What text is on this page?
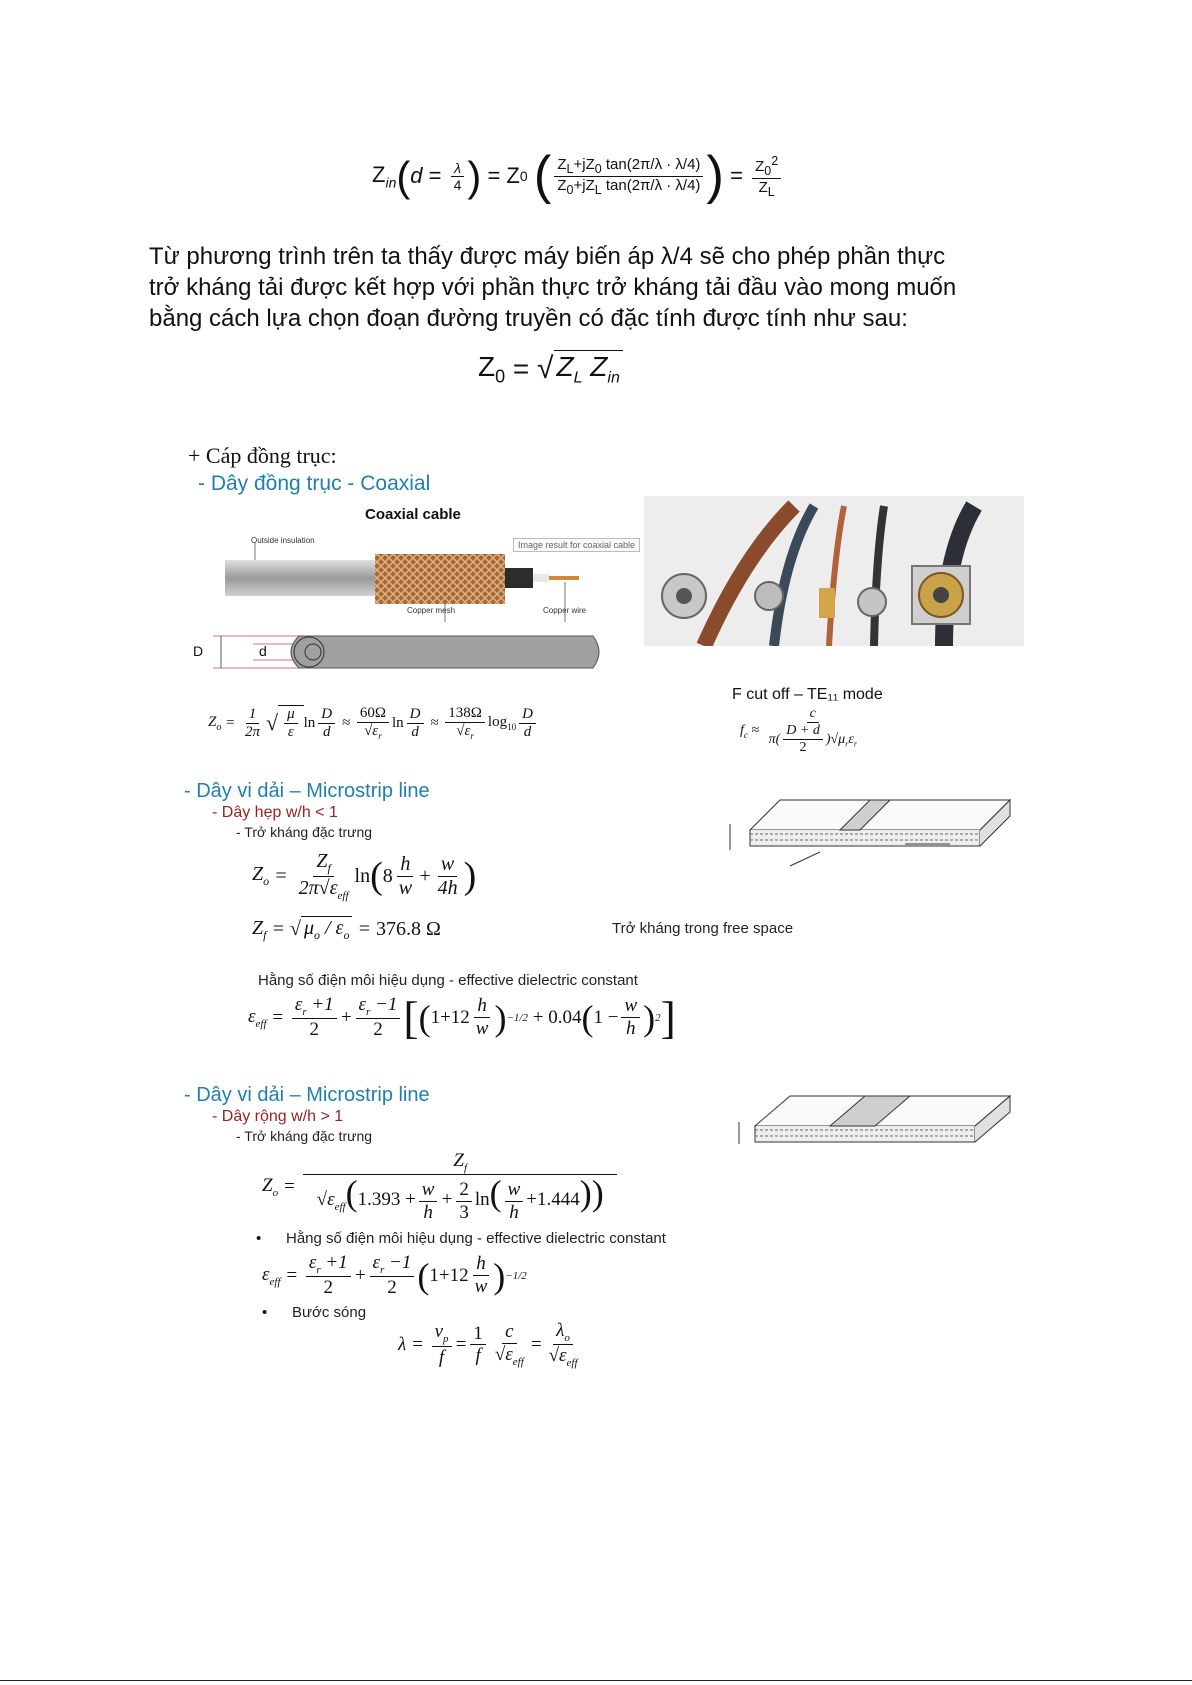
$Z_{in}$ ( $d = \frac{\lambda}{4}$ ) = Z 0
( $\frac{Z_L+jZ_0 \tan(2\pi/\lambda \cdot \lambda/4)}{Z_0+jZ_L \tan(2\pi/\lambda \cdot \lambda/4)}$ ) = $\frac{Z_0^2}{Z_L}$
Từ phương trình trên ta thấy được máy biến áp λ/4 sẽ cho phép phần thực
trở kháng tải được kết hợp với phần thực trở kháng tải đầu vào mong muốn
bằng cách lựa chọn đoạn đường truyền có đặc tính được tính như sau:
$Z_0$ = √ $Z_L$ $Z_{in}$
+ Cáp đồng trục:
- Dây đồng trục - Coaxial
Coaxial cable
Outside insulation	Image result for coaxial cable
Copper mesh	Copper wire
D	d
$Z_o = \frac{1}{2\pi}$ √ $\frac{\mu}{\varepsilon}$ $\ln \frac{D}{d} \approx \frac{60\Omega}{√\varepsilon_r}$ $\ln \frac{D}{d} \approx \frac{138\Omega}{√\varepsilon_r} \log_{10} \frac{D}{d}$
F cut off – TE₁₁ mode
$f_c \approx \frac{c}{\pi( \frac{D + d}{2} )√\mu_r\varepsilon_r}$
- Dây vi dải – Microstrip line
- Dây hẹp w/h < 1
- Trở kháng đặc trưng
$Z_o = \frac{Z_f}{2\pi√\varepsilon_{eff}}$ ln ( $8 \frac{h}{w} + \frac{w}{4h}$ )
$Z_f$ = √ $\mu_o / \varepsilon_o = 376.8$ Ω	Trở kháng trong free space
Hằng số điện môi hiệu dụng - effective dielectric constant
$\varepsilon_{eff} = \frac{\varepsilon_r +1}{2} + \frac{\varepsilon_r -1}{2}$ [ ( $1+12 \frac{h}{w}$ ) −1/2
+ 0.04 ( $1 - \frac{w}{h}$ ) 2 ]
- Dây vi dải – Microstrip line
- Dây rộng w/h > 1
- Trở kháng đặc trưng
$Z_o = \frac{Z_f}{√\varepsilon_{eff}(1.393 + \frac{w}{h} + \frac{2}{3} \ln( \frac{w}{h} +1.444))}$
Hằng số điện môi hiệu dụng - effective dielectric constant
•
$\varepsilon_{eff} = \frac{\varepsilon_r +1}{2} + \frac{\varepsilon_r -1}{2}$ ( $1+12 \frac{h}{w}$ ) −1/2
• Bước sóng
$\lambda = \frac{v_p}{f} = \frac{1}{f} \frac{c}{√\varepsilon_{eff}} = \frac{\lambda_o}{√\varepsilon_{eff}}$
